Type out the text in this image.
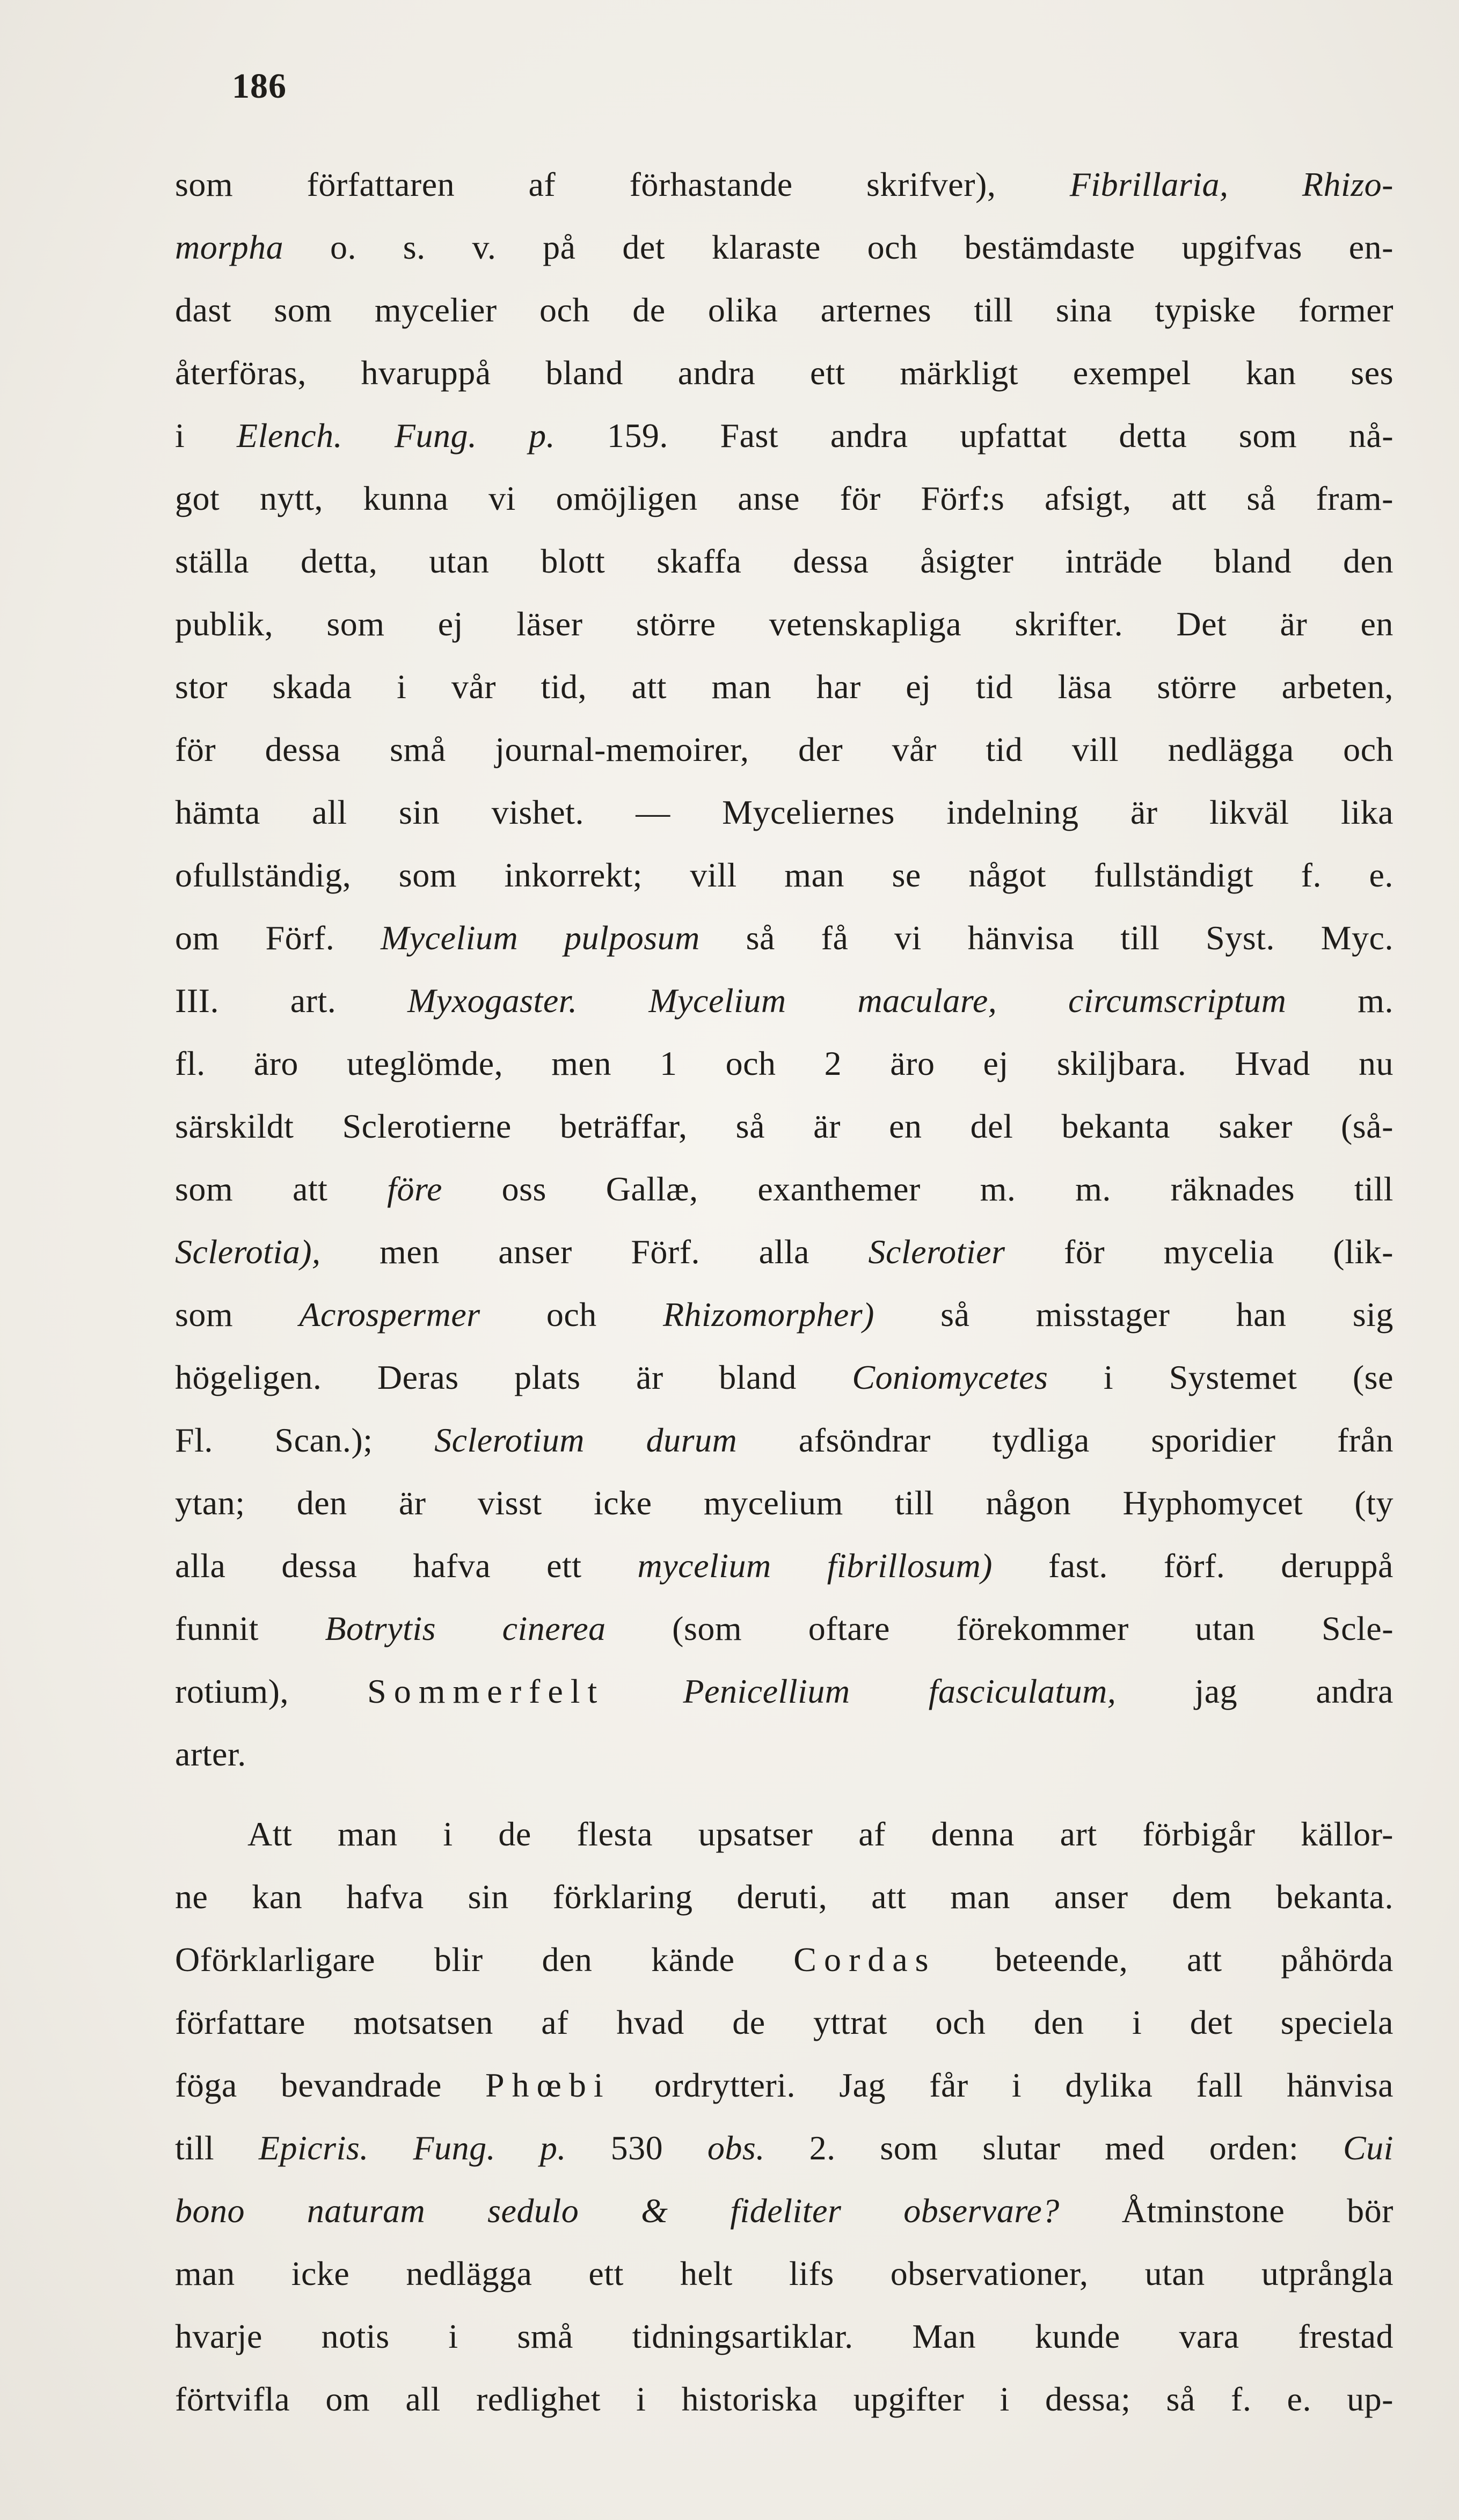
186
som författaren af förhastande skrifver), Fibrillaria, Rhizo-
morpha o. s. v. på det klaraste och bestämdaste upgifvas en-
dast som mycelier och de olika arternes till sina typiske former
återföras, hvaruppå bland andra ett märkligt exempel kan ses
i Elench. Fung. p. 159. Fast andra upfattat detta som nå-
got nytt, kunna vi omöjligen anse för Förf:s afsigt, att så fram-
ställa detta, utan blott skaffa dessa åsigter inträde bland den
publik, som ej läser större vetenskapliga skrifter. Det är en
stor skada i vår tid, att man har ej tid läsa större arbeten,
för dessa små journal-memoirer, der vår tid vill nedlägga och
hämta all sin vishet. — Myceliernes indelning är likväl lika
ofullständig, som inkorrekt; vill man se något fullständigt f. e.
om Förf. Mycelium pulposum så få vi hänvisa till Syst. Myc.
III. art. Myxogaster. Mycelium maculare, circumscriptum m.
fl. äro uteglömde, men 1 och 2 äro ej skiljbara. Hvad nu
särskildt Sclerotierne beträffar, så är en del bekanta saker (så-
som att före oss Gallæ, exanthemer m. m. räknades till
Sclerotia), men anser Förf. alla Sclerotier för mycelia (lik-
som Acrospermer och Rhizomorpher) så misstager han sig
högeligen. Deras plats är bland Coniomycetes i Systemet (se
Fl. Scan.); Sclerotium durum afsöndrar tydliga sporidier från
ytan; den är visst icke mycelium till någon Hyphomycet (ty
alla dessa hafva ett mycelium fibrillosum) fast. förf. deruppå
funnit Botrytis cinerea (som oftare förekommer utan Scle-
rotium), Sommerfelt Penicellium fasciculatum, jag andra
arter.
Att man i de flesta upsatser af denna art förbigår källor-
ne kan hafva sin förklaring deruti, att man anser dem bekanta.
Oförklarligare blir den kände Cordas beteende, att påhörda
författare motsatsen af hvad de yttrat och den i det speciela
föga bevandrade Phœbi ordrytteri. Jag får i dylika fall hänvisa
till Epicris. Fung. p. 530 obs. 2. som slutar med orden: Cui
bono naturam sedulo & fideliter observare? Åtminstone bör
man icke nedlägga ett helt lifs observationer, utan utprångla
hvarje notis i små tidningsartiklar. Man kunde vara frestad
förtvifla om all redlighet i historiska upgifter i dessa; så f. e. up-
